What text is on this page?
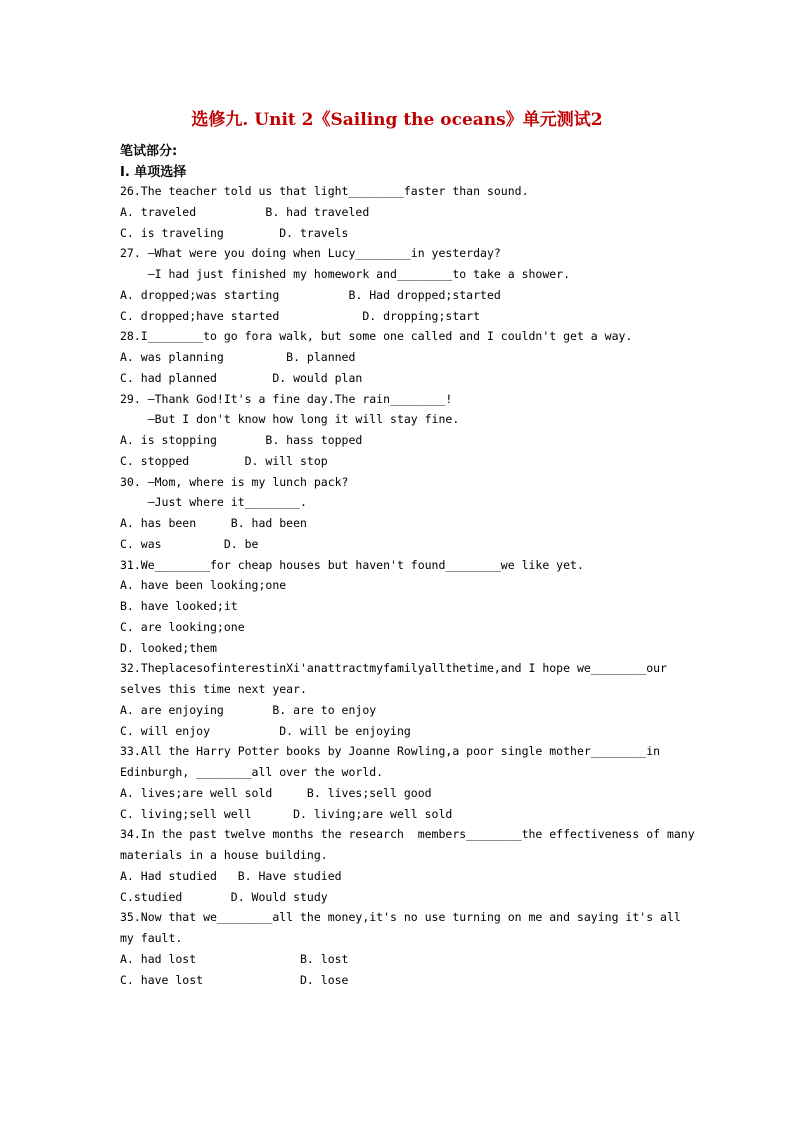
选修九. Unit 2《Sailing the oceans》单元测试2
笔试部分:
I. 单项选择
26.The teacher told us that light________faster than sound.
A. traveled          B. had traveled
C. is traveling        D. travels
27. —What were you doing when Lucy________in yesterday?
—I had just finished my homework and________to take a shower.
A. dropped;was starting          B. Had dropped;started
C. dropped;have started            D. dropping;start
28.I________to go fora walk, but some one called and I couldn't get a way.
A. was planning         B. planned
C. had planned        D. would plan
29. —Thank God!It's a fine day.The rain________!
—But I don't know how long it will stay fine.
A. is stopping       B. hass topped
C. stopped        D. will stop
30. —Mom, where is my lunch pack?
—Just where it________.
A. has been     B. had been
C. was         D. be
31.We________for cheap houses but haven't found________we like yet.
A. have been looking;one
B. have looked;it
C. are looking;one
D. looked;them
32.TheplacesofinterestinXi'anattractmyfamilyallthetime,and I hope we________our
selves this time next year.
A. are enjoying       B. are to enjoy
C. will enjoy          D. will be enjoying
33.All the Harry Potter books by Joanne Rowling,a poor single mother________in
Edinburgh, ________all over the world.
A. lives;are well sold     B. lives;sell good
C. living;sell well      D. living;are well sold
34.In the past twelve months the research  members________the effectiveness of many
materials in a house building.
A. Had studied   B. Have studied
C.studied       D. Would study
35.Now that we________all the money,it's no use turning on me and saying it's all
my fault.
A. had lost               B. lost
C. have lost              D. lose
